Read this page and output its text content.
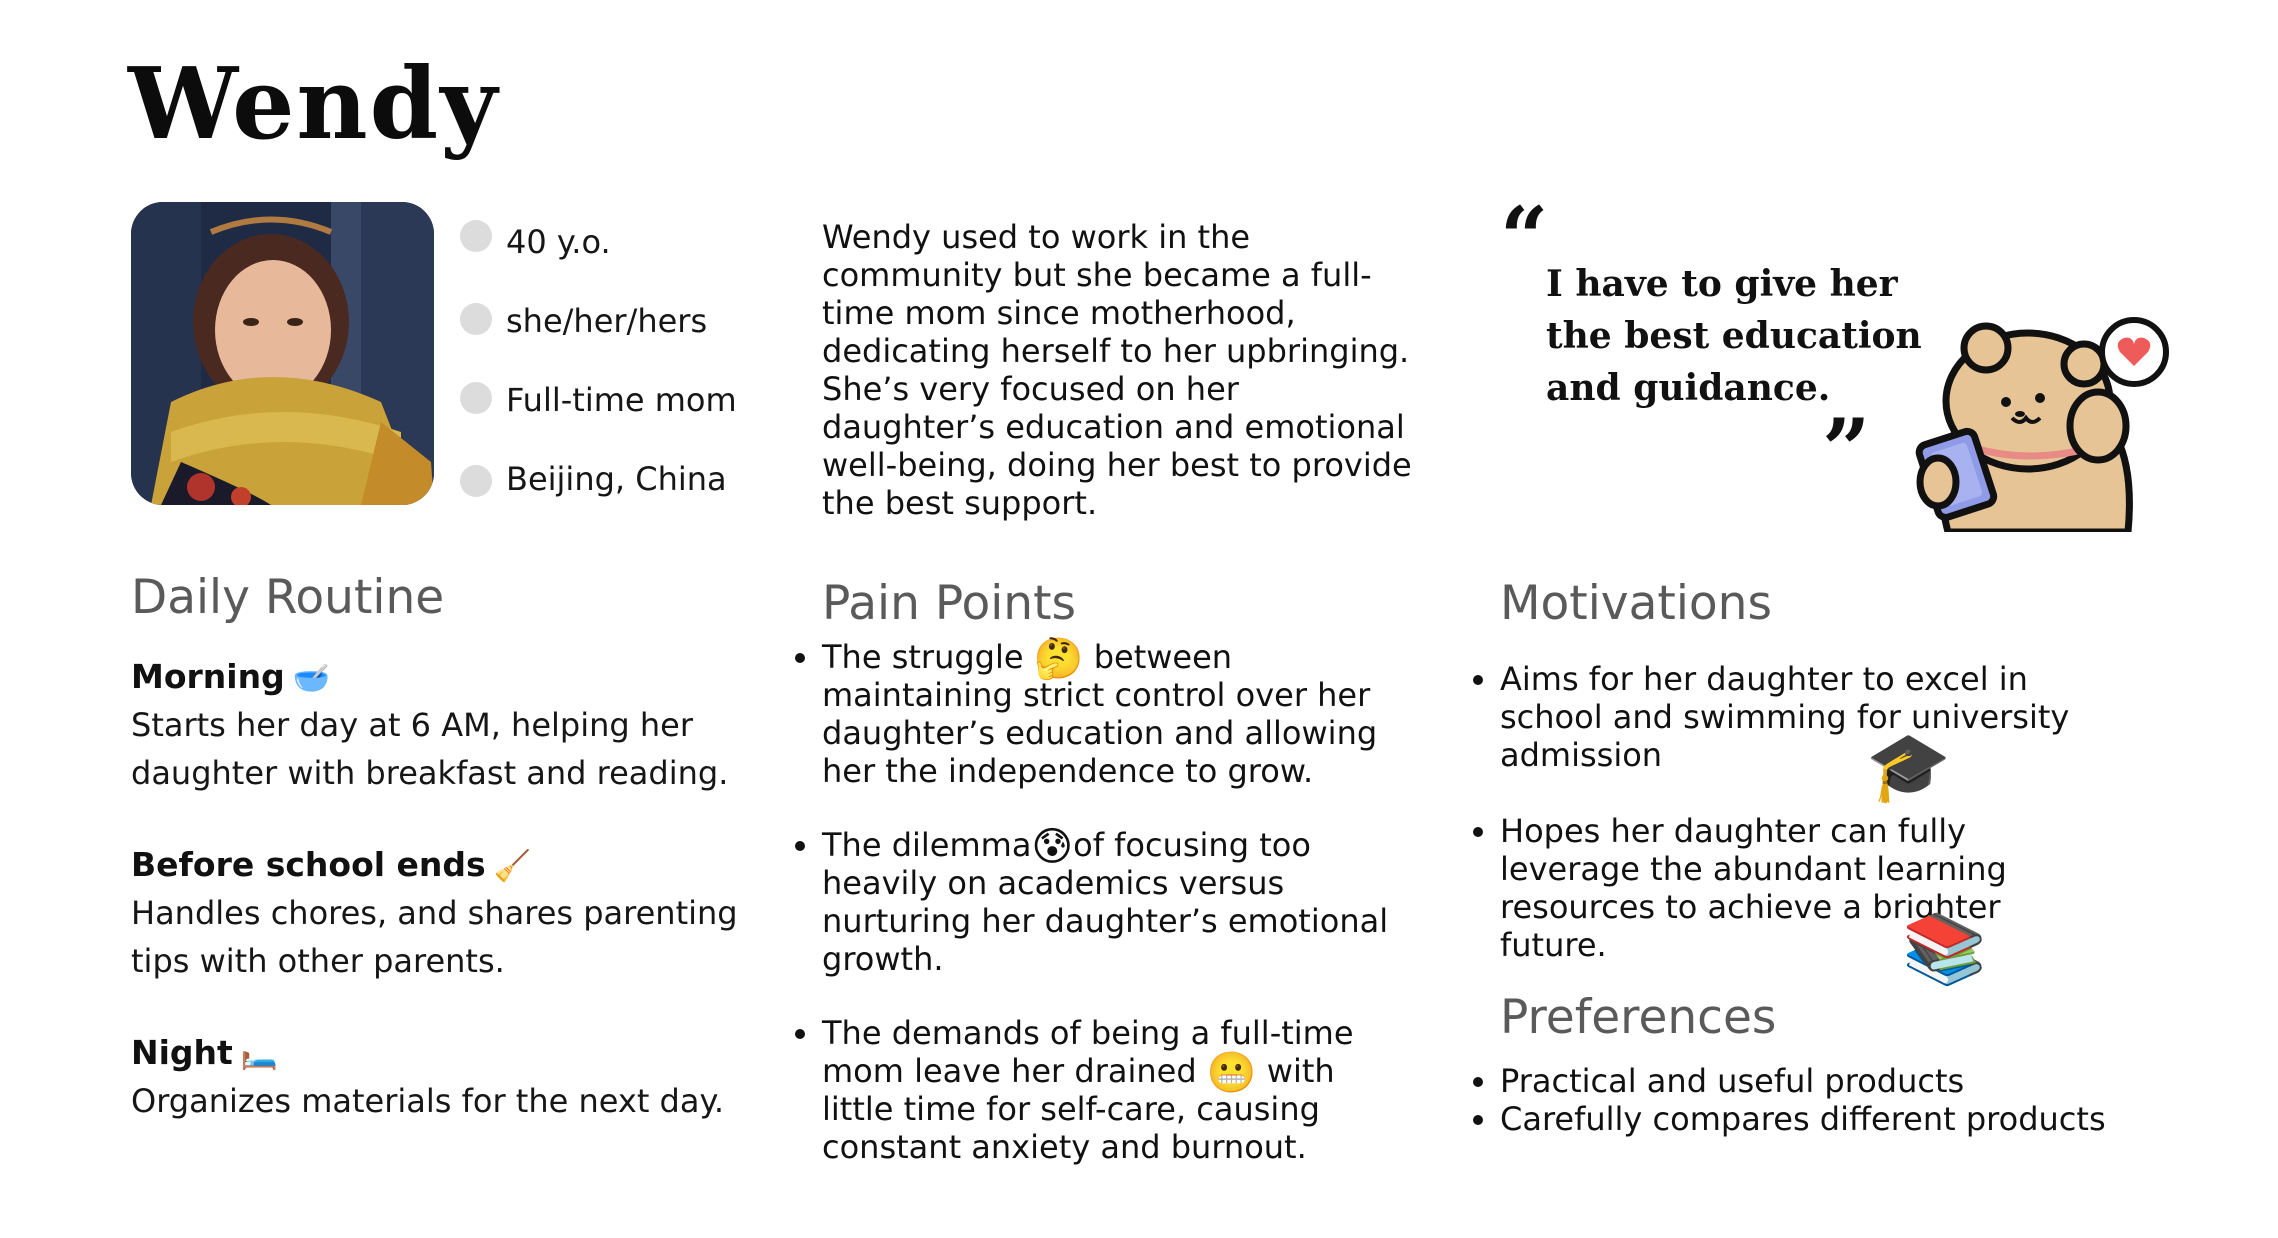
Wendy
40 y.o.
she/her/hers
Full-time mom
Beijing, China
Wendy used to work in the community but she became a full-time mom since motherhood, dedicating herself to her upbringing. She’s very focused on her daughter’s education and emotional well-being, doing her best to provide the best support.
“
I have to give her
the best education
and guidance.
”
Daily Routine
Morning 🥣
Starts her day at 6 AM, helping her daughter with breakfast and reading.
Before school ends 🧹
Handles chores, and shares parenting tips with other parents.
Night 🛏️
Organizes materials for the next day.
Pain Points
• The struggle 🤔 between maintaining strict control over her daughter’s education and allowing her the independence to grow.
• The dilemma😰of focusing too heavily on academics versus nurturing her daughter’s emotional growth.
• The demands of being a full-time mom leave her drained 😬 with little time for self-care, causing constant anxiety and burnout.
Motivations
• Aims for her daughter to excel in school and swimming for university admission
• Hopes her daughter can fully leverage the abundant learning resources to achieve a brighter future.
🎓
📚
Preferences
• Practical and useful products
• Carefully compares different products
